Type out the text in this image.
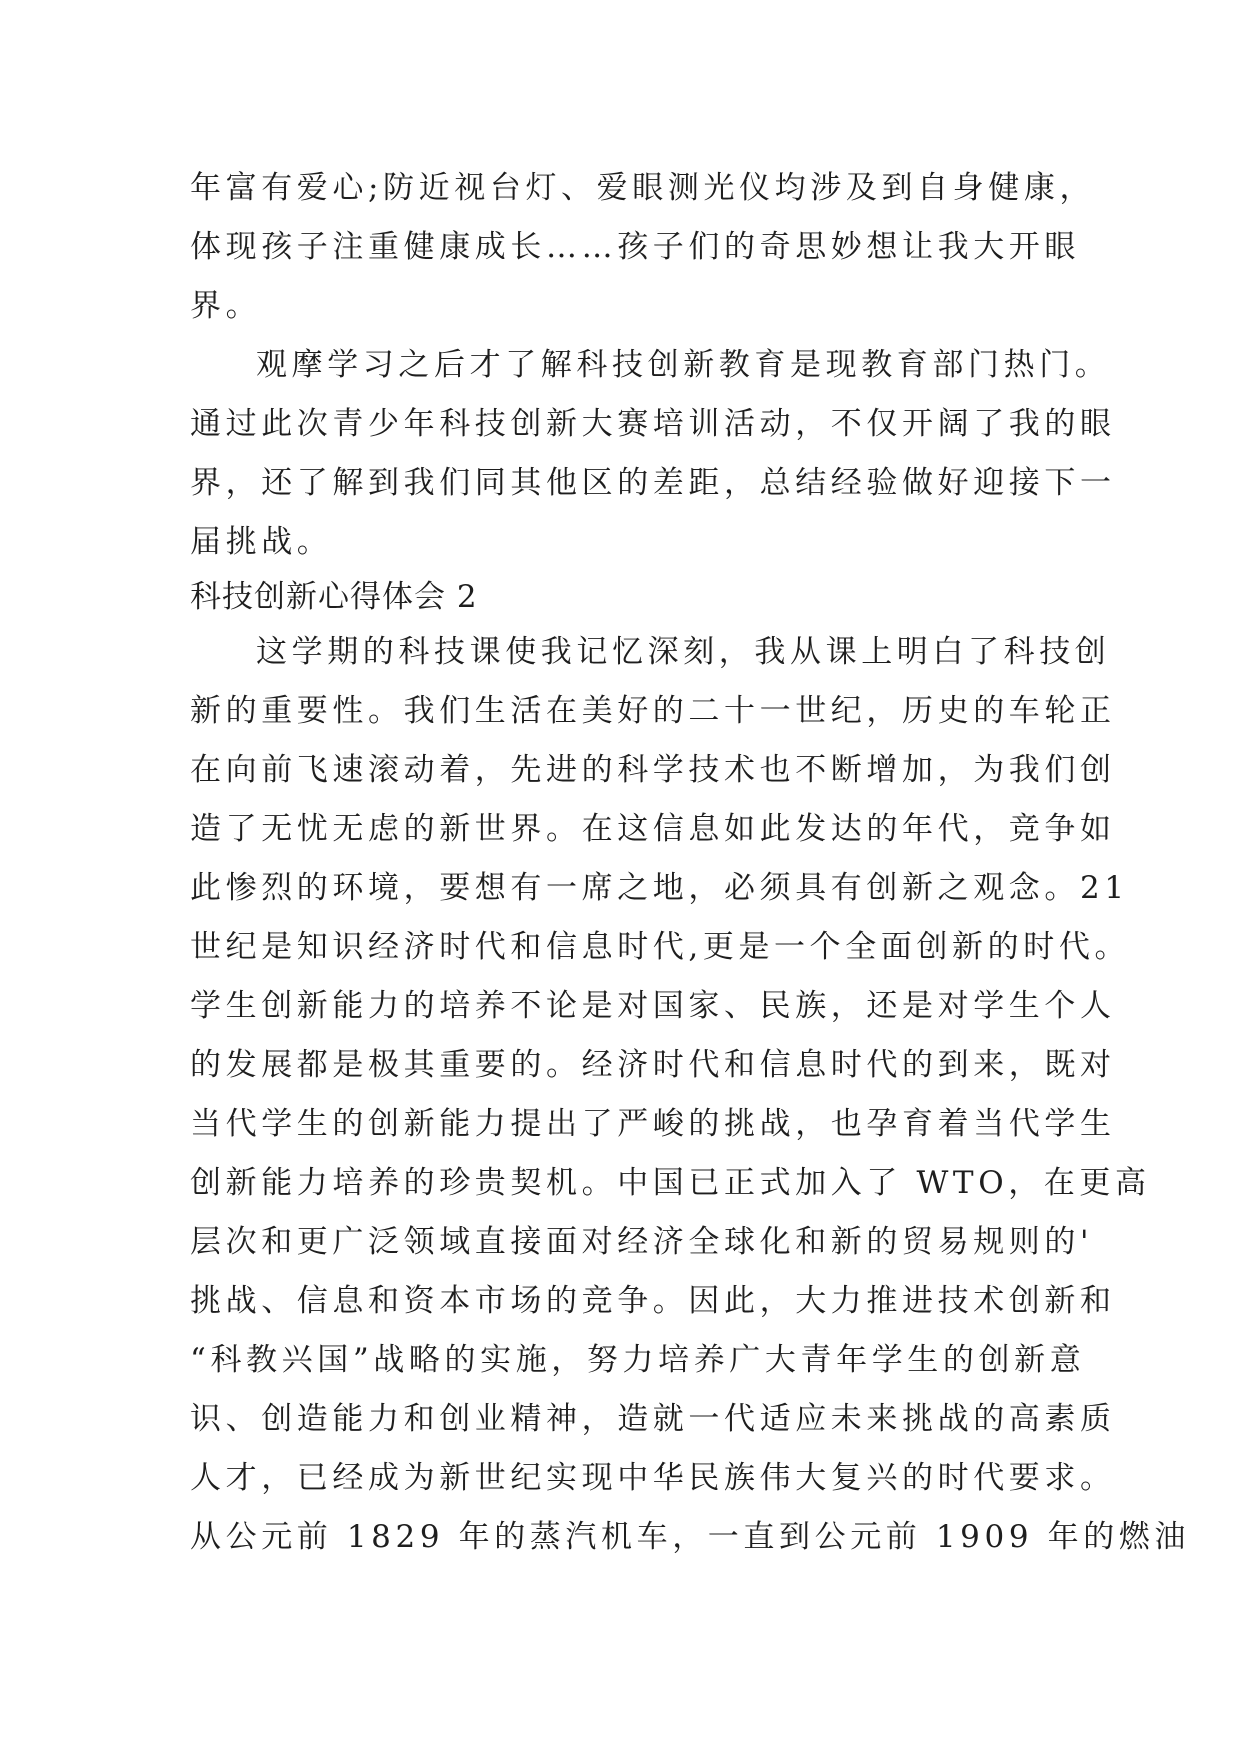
年富有爱心;防近视台灯、爱眼测光仪均涉及到自身健康，
体现孩子注重健康成长……孩子们的奇思妙想让我大开眼
界。
观摩学习之后才了解科技创新教育是现教育部门热门。
通过此次青少年科技创新大赛培训活动，不仅开阔了我的眼
界，还了解到我们同其他区的差距，总结经验做好迎接下一
届挑战。
科技创新心得体会 2
这学期的科技课使我记忆深刻，我从课上明白了科技创
新的重要性。我们生活在美好的二十一世纪，历史的车轮正
在向前飞速滚动着，先进的科学技术也不断增加，为我们创
造了无忧无虑的新世界。在这信息如此发达的年代，竞争如
此惨烈的环境，要想有一席之地，必须具有创新之观念。21
世纪是知识经济时代和信息时代,更是一个全面创新的时代。
学生创新能力的培养不论是对国家、民族，还是对学生个人
的发展都是极其重要的。经济时代和信息时代的到来，既对
当代学生的创新能力提出了严峻的挑战，也孕育着当代学生
创新能力培养的珍贵契机。中国已正式加入了 WTO，在更高
层次和更广泛领域直接面对经济全球化和新的贸易规则的'
挑战、信息和资本市场的竞争。因此，大力推进技术创新和
“科教兴国”战略的实施，努力培养广大青年学生的创新意
识、创造能力和创业精神，造就一代适应未来挑战的高素质
人才，已经成为新世纪实现中华民族伟大复兴的时代要求。
从公元前 1829 年的蒸汽机车，一直到公元前 1909 年的燃油
